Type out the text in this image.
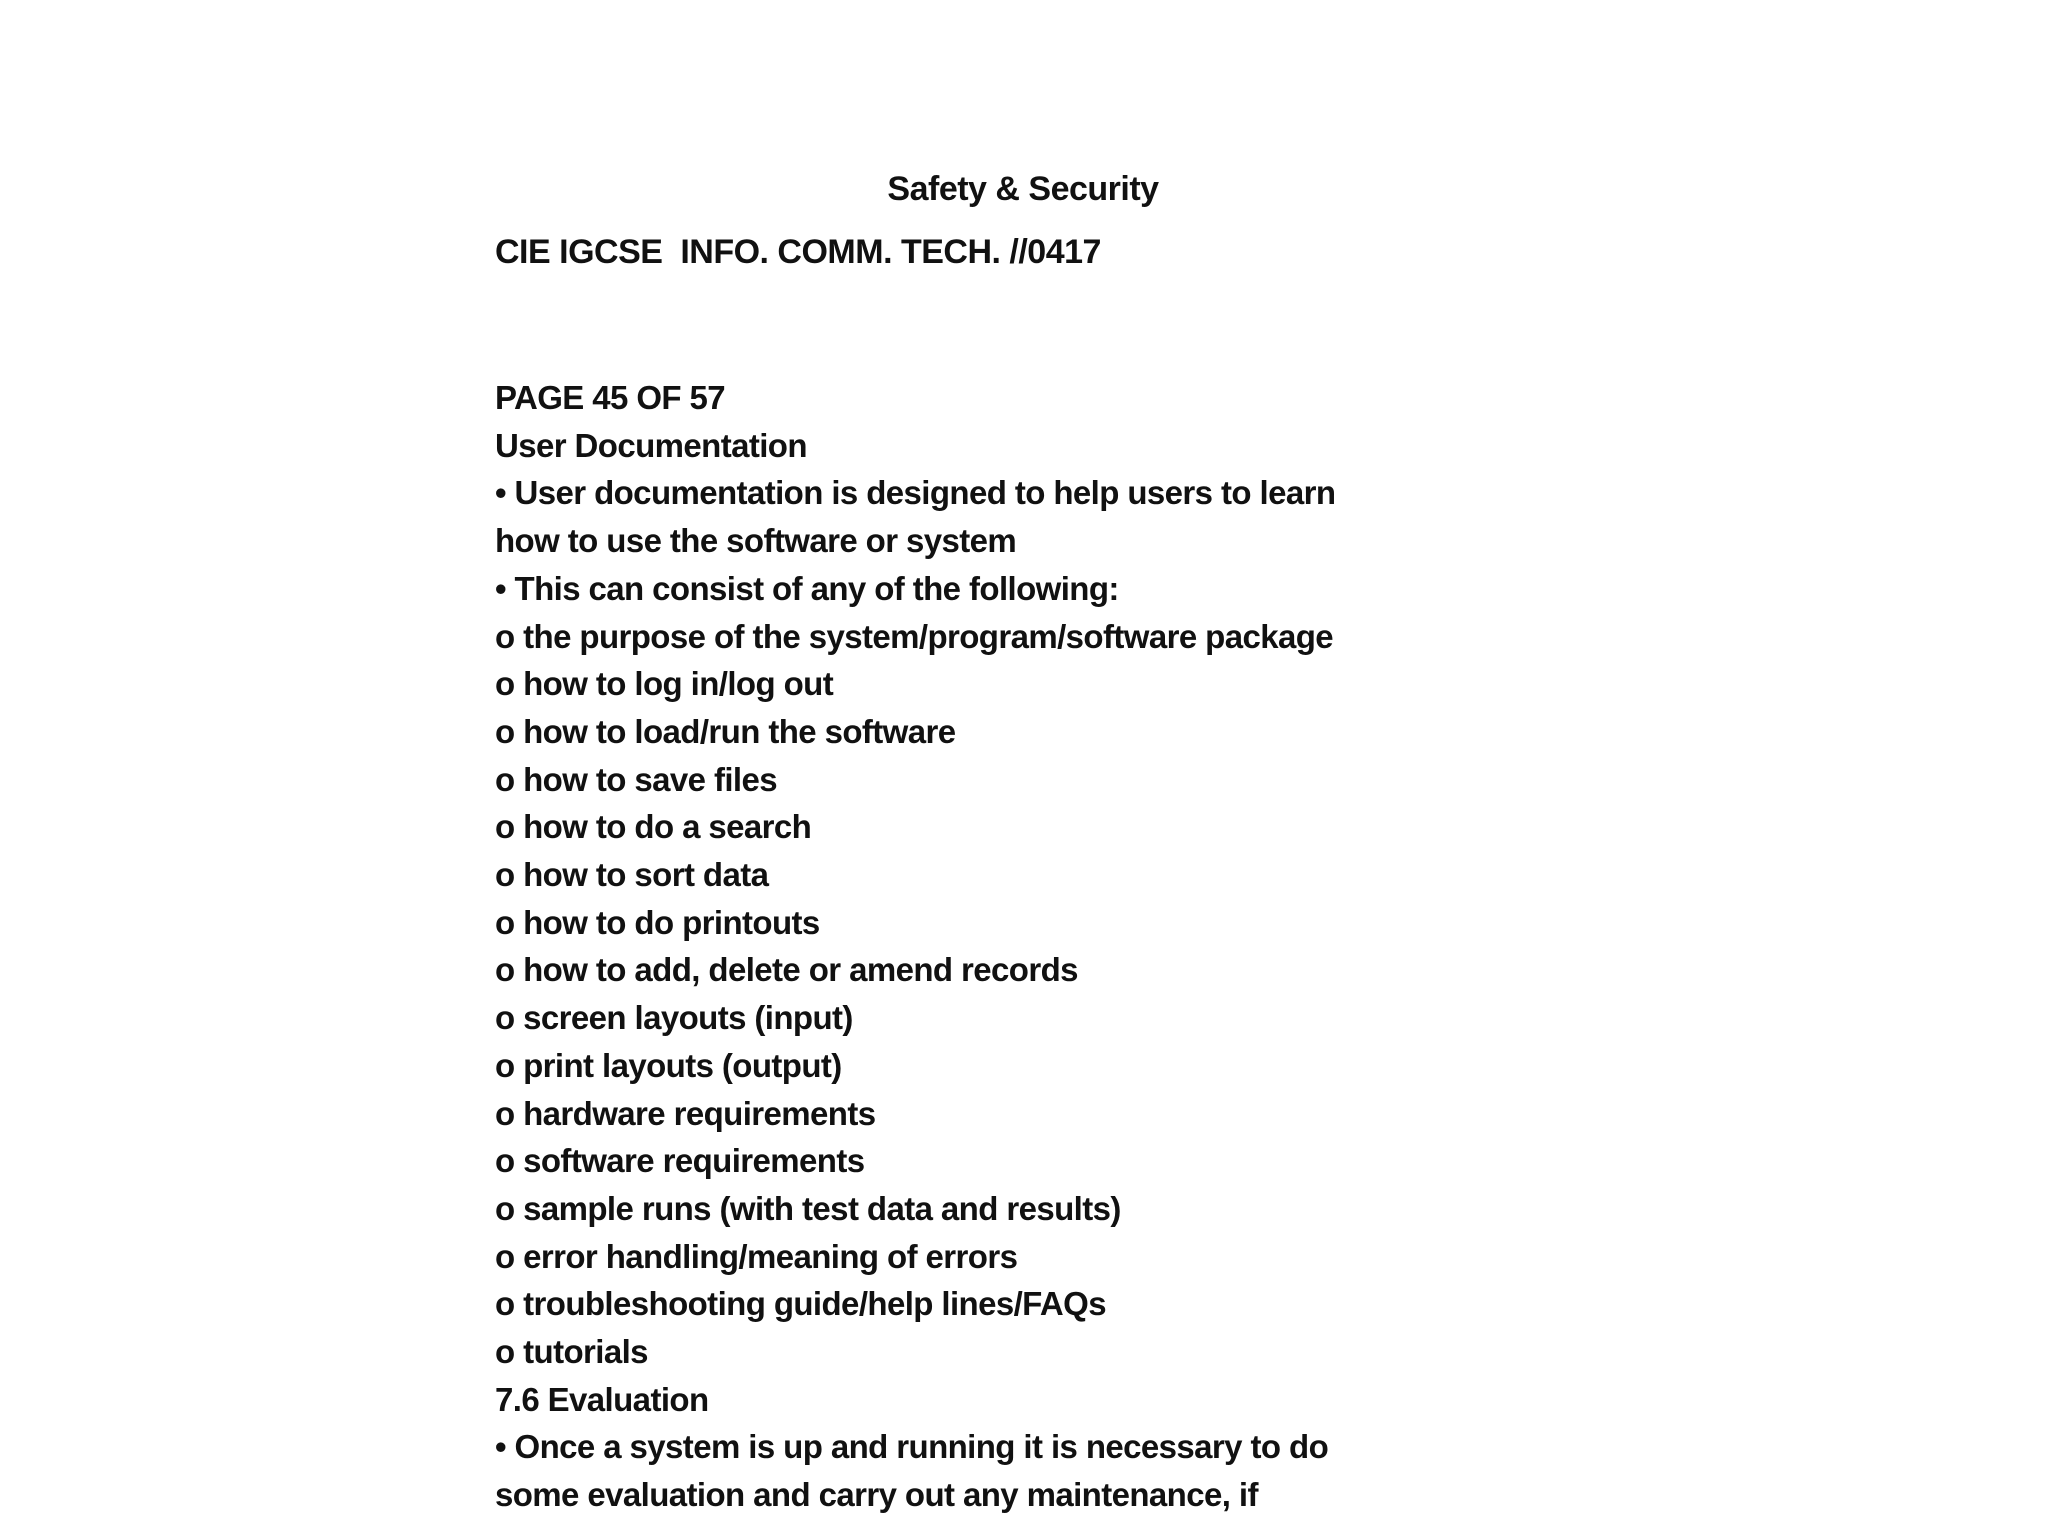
Safety & Security
CIE IGCSE  INFO. COMM. TECH. //0417
PAGE 45 OF 57
User Documentation
• User documentation is designed to help users to learn
how to use the software or system
• This can consist of any of the following:
o the purpose of the system/program/software package
o how to log in/log out
o how to load/run the software
o how to save files
o how to do a search
o how to sort data
o how to do printouts
o how to add, delete or amend records
o screen layouts (input)
o print layouts (output)
o hardware requirements
o software requirements
o sample runs (with test data and results)
o error handling/meaning of errors
o troubleshooting guide/help lines/FAQs
o tutorials
7.6 Evaluation
• Once a system is up and running it is necessary to do
some evaluation and carry out any maintenance, if
